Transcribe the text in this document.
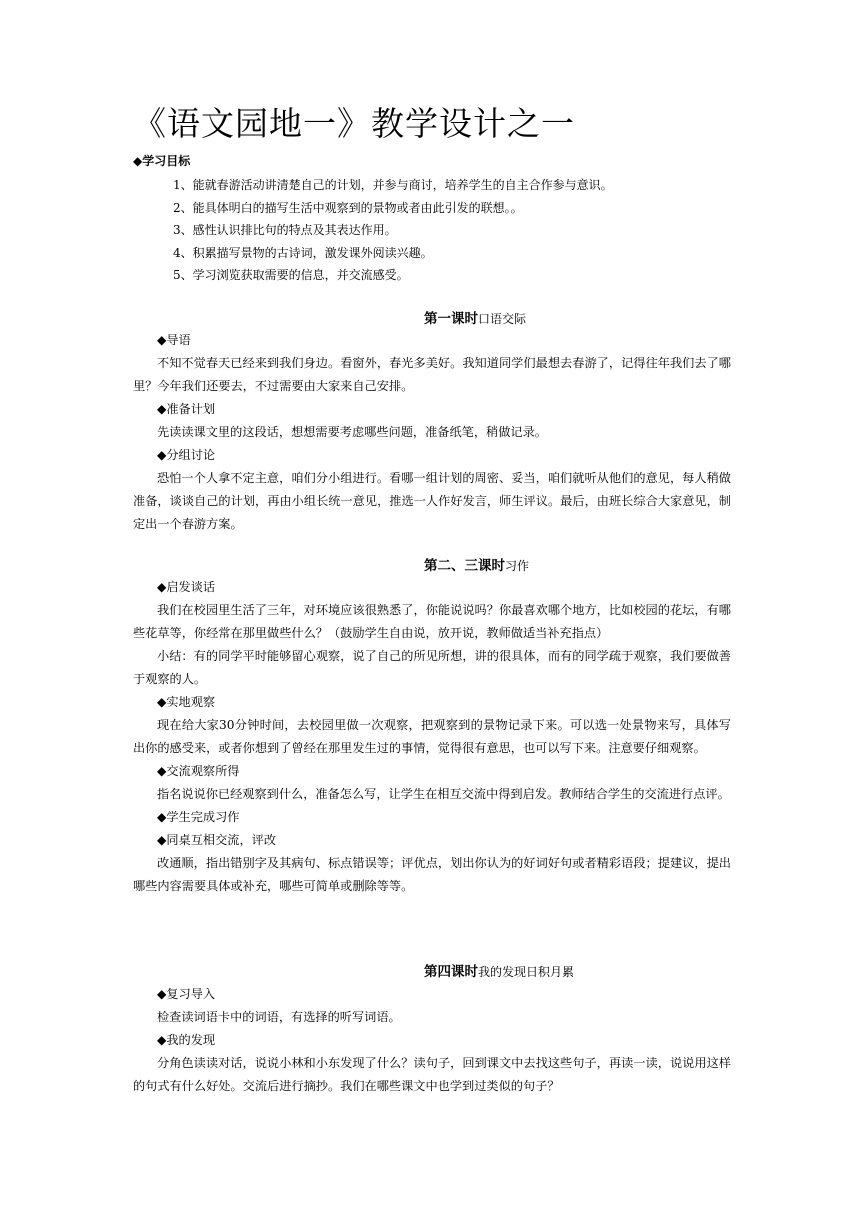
《语文园地一》教学设计之一
◆学习目标
1、能就春游活动讲清楚自己的计划，并参与商讨，培养学生的自主合作参与意识。
2、能具体明白的描写生活中观察到的景物或者由此引发的联想。。
3、感性认识排比句的特点及其表达作用。
4、积累描写景物的古诗词，激发课外阅读兴趣。
5、学习浏览获取需要的信息，并交流感受。
第一课时口语交际

◆导语

不知不觉春天已经来到我们身边。看窗外，春光多美好。我知道同学们最想去春游了，记得往年我们去了哪里？今年我们还要去，不过需要由大家来自己安排。

◆准备计划

先读读课文里的这段话，想想需要考虑哪些问题，准备纸笔，稍做记录。

◆分组讨论

恐怕一个人拿不定主意，咱们分小组进行。看哪一组计划的周密、妥当，咱们就听从他们的意见，每人稍做准备，谈谈自己的计划，再由小组长统一意见，推选一人作好发言，师生评议。最后，由班长综合大家意见，制定出一个春游方案。

第二、三课时习作

◆启发谈话

我们在校园里生活了三年，对环境应该很熟悉了，你能说说吗？你最喜欢哪个地方，比如校园的花坛，有哪些花草等，你经常在那里做些什么？（鼓励学生自由说，放开说，教师做适当补充指点）

小结：有的同学平时能够留心观察，说了自己的所见所想，讲的很具体，而有的同学疏于观察，我们要做善于观察的人。

◆实地观察

现在给大家30分钟时间，去校园里做一次观察，把观察到的景物记录下来。可以选一处景物来写，具体写出你的感受来，或者你想到了曾经在那里发生过的事情，觉得很有意思，也可以写下来。注意要仔细观察。

◆交流观察所得

指名说说你已经观察到什么，准备怎么写，让学生在相互交流中得到启发。教师结合学生的交流进行点评。

◆学生完成习作

◆同桌互相交流，评改

改通顺，指出错别字及其病句、标点错误等；评优点，划出你认为的好词好句或者精彩语段；提建议，提出哪些内容需要具体或补充，哪些可简单或删除等等。

第四课时我的发现日积月累

◆复习导入

检查读词语卡中的词语，有选择的听写词语。

◆我的发现

分角色读读对话，说说小林和小东发现了什么？读句子，回到课文中去找这些句子，再读一读，说说用这样的句式有什么好处。交流后进行摘抄。我们在哪些课文中也学到过类似的句子？
